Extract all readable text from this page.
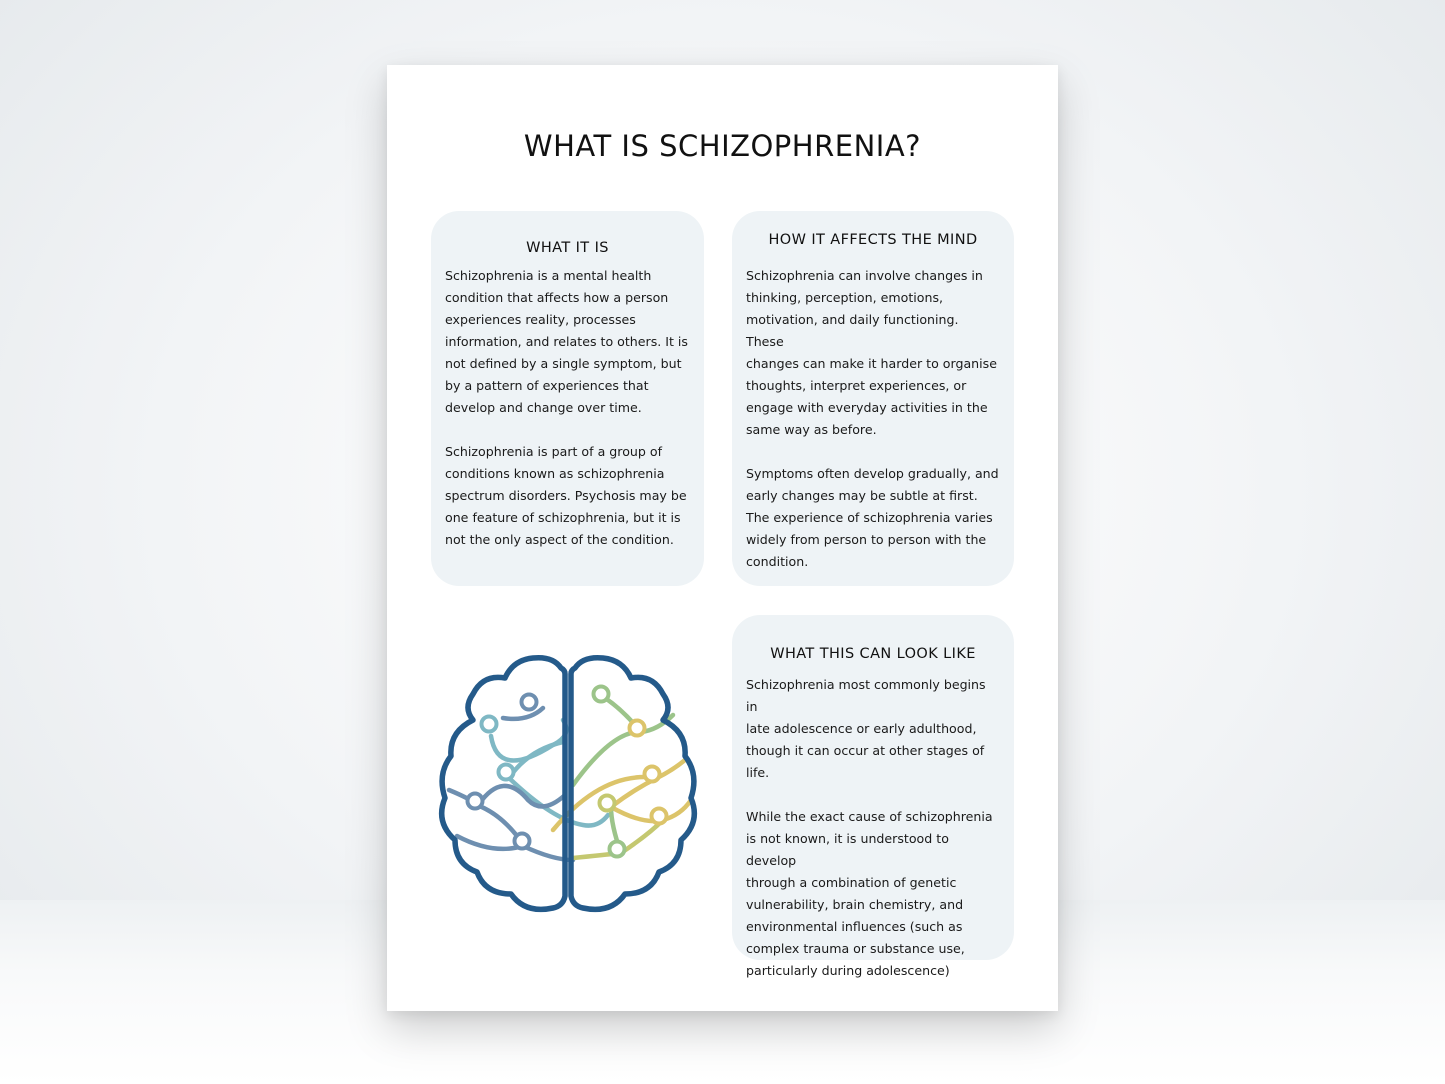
WHAT IS SCHIZOPHRENIA?
WHAT IT IS

Schizophrenia is a mental health
condition that affects how a person
experiences reality, processes
information, and relates to others. It is
not defined by a single symptom, but
by a pattern of experiences that
develop and change over time.

Schizophrenia is part of a group of
conditions known as schizophrenia
spectrum disorders. Psychosis may be
one feature of schizophrenia, but it is
not the only aspect of the condition.

HOW IT AFFECTS THE MIND

Schizophrenia can involve changes in
thinking, perception, emotions,
motivation, and daily functioning. These
changes can make it harder to organise
thoughts, interpret experiences, or
engage with everyday activities in the
same way as before.

Symptoms often develop gradually, and
early changes may be subtle at first.
The experience of schizophrenia varies
widely from person to person with the
condition.

WHAT THIS CAN LOOK LIKE

Schizophrenia most commonly begins in
late adolescence or early adulthood,
though it can occur at other stages of
life.

While the exact cause of schizophrenia
is not known, it is understood to develop
through a combination of genetic
vulnerability, brain chemistry, and
environmental influences (such as
complex trauma or substance use,
particularly during adolescence)
